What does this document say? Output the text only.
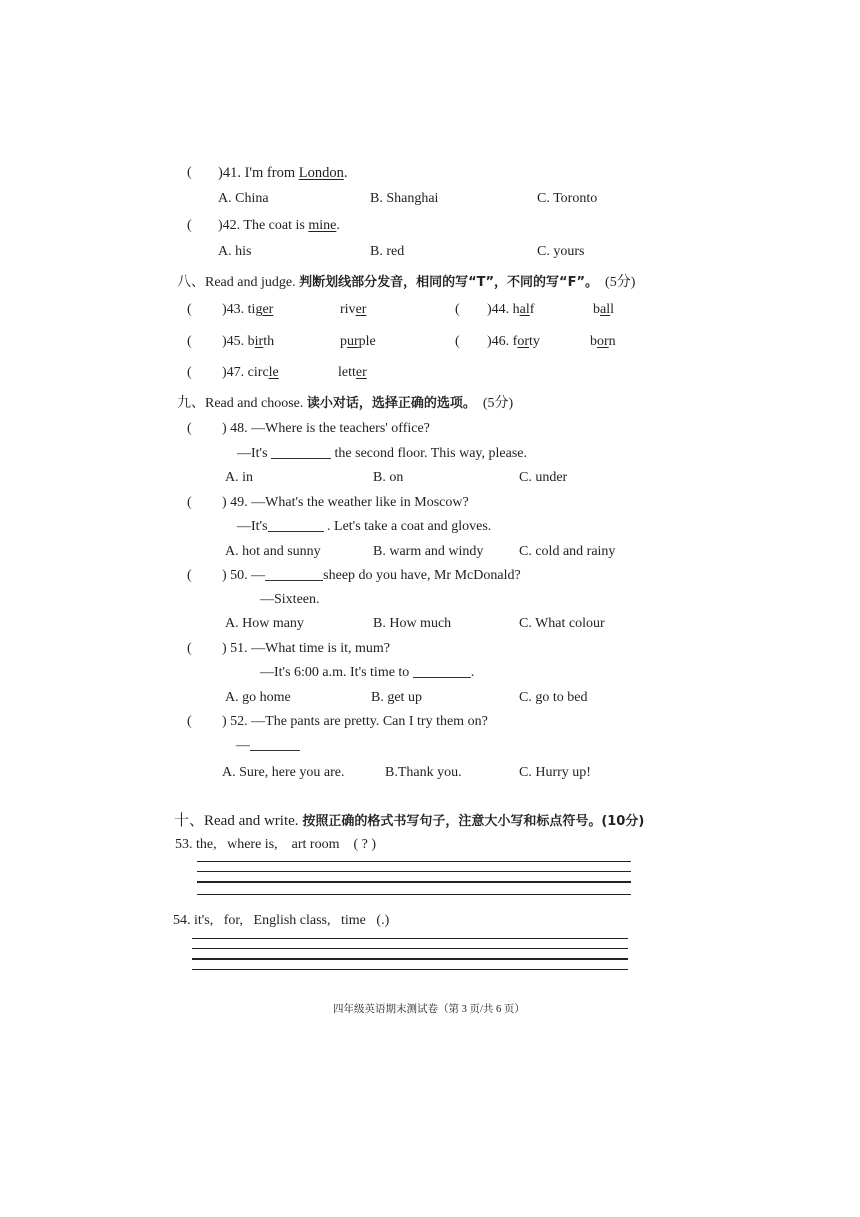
( )41. I'm from London.
A. China	B. Shanghai	C. Toronto
( )42. The coat is mine.
A. his	B. red	C. yours
八、Read and judge. 判断划线部分发音，相同的写“T”，不同的写“F”。 (5分)
( )43. tiger	river	( )44. half	ball
( )45. birth	purple	( )46. forty	born
( )47. circle	letter
九、Read and choose. 读小对话，选择正确的选项。 (5分)
( ) 48. —Where is the teachers' office?
—It's	the second floor. This way, please.
A. in	B. on	C. under
( ) 49. —What's the weather like in Moscow?
—It's	. Let's take a coat and gloves.
A. hot and sunny	B. warm and windy	C. cold and rainy
( ) 50. —	sheep do you have, Mr McDonald?
—Sixteen.
A. How many	B. How much	C. What colour
( ) 51. —What time is it, mum?
—It's 6:00 a.m. It's time to	.
A. go home	B. get up	C. go to bed
( ) 52. —The pants are pretty. Can I try them on?
—
A. Sure, here you are.	B.Thank you.	C. Hurry up!
十、Read and write. 按照正确的格式书写句子，注意大小写和标点符号。(10分)
53. the, where is, art room ( ? )
54. it's, for, English class, time (.)
四年级英语期末测试卷（第 3 页/共 6 页）
